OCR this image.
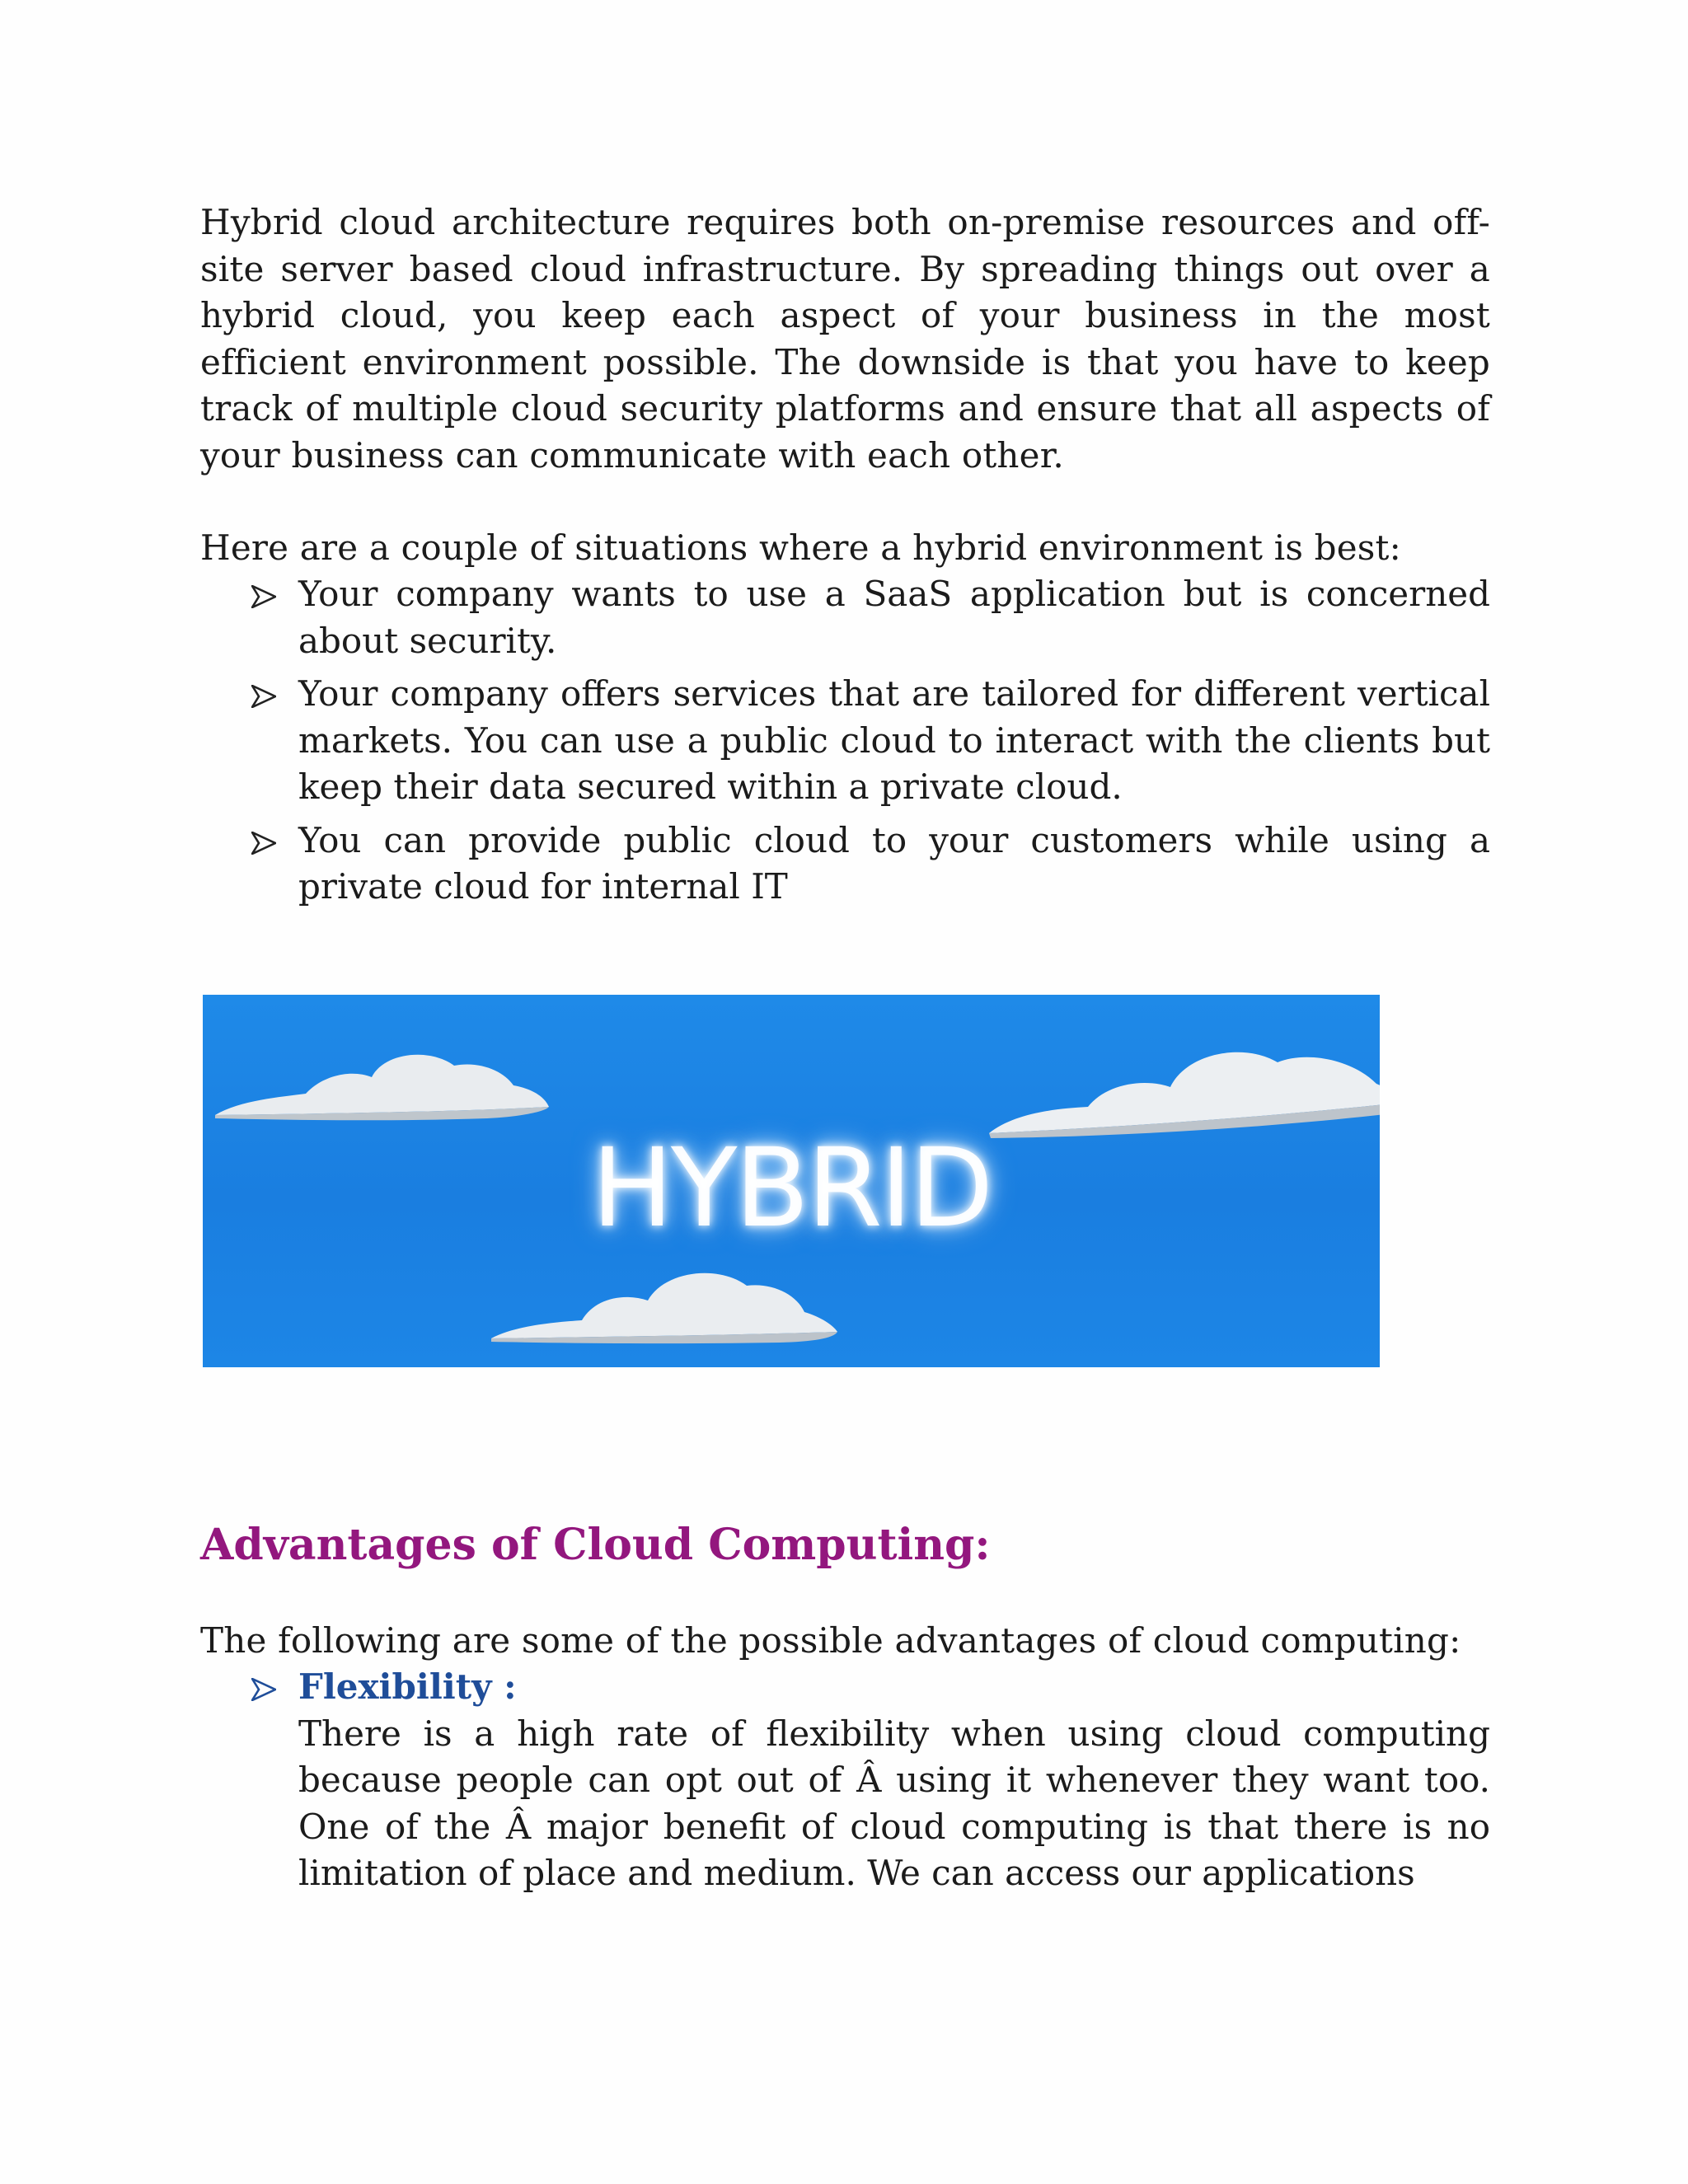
Hybrid cloud architecture requires both on-premise resources and off-site server based cloud infrastructure. By spreading things out over a hybrid cloud, you keep each aspect of your business in the most efficient environment possible. The downside is that you have to keep track of multiple cloud security platforms and ensure that all aspects of your business can communicate with each other.
Here are a couple of situations where a hybrid environment is best:
Your company wants to use a SaaS application but is concerned about security.
Your company offers services that are tailored for different vertical markets. You can use a public cloud to interact with the clients but keep their data secured within a private cloud.
You can provide public cloud to your customers while using a private cloud for internal IT
HYBRID
Advantages of Cloud Computing:
The following are some of the possible advantages of cloud computing:
Flexibility :
There is a high rate of flexibility when using cloud computing because people can opt out of Â using it whenever they want too. One of the Â major benefit of cloud computing is that there is no limitation of place and medium. We can access our applications
